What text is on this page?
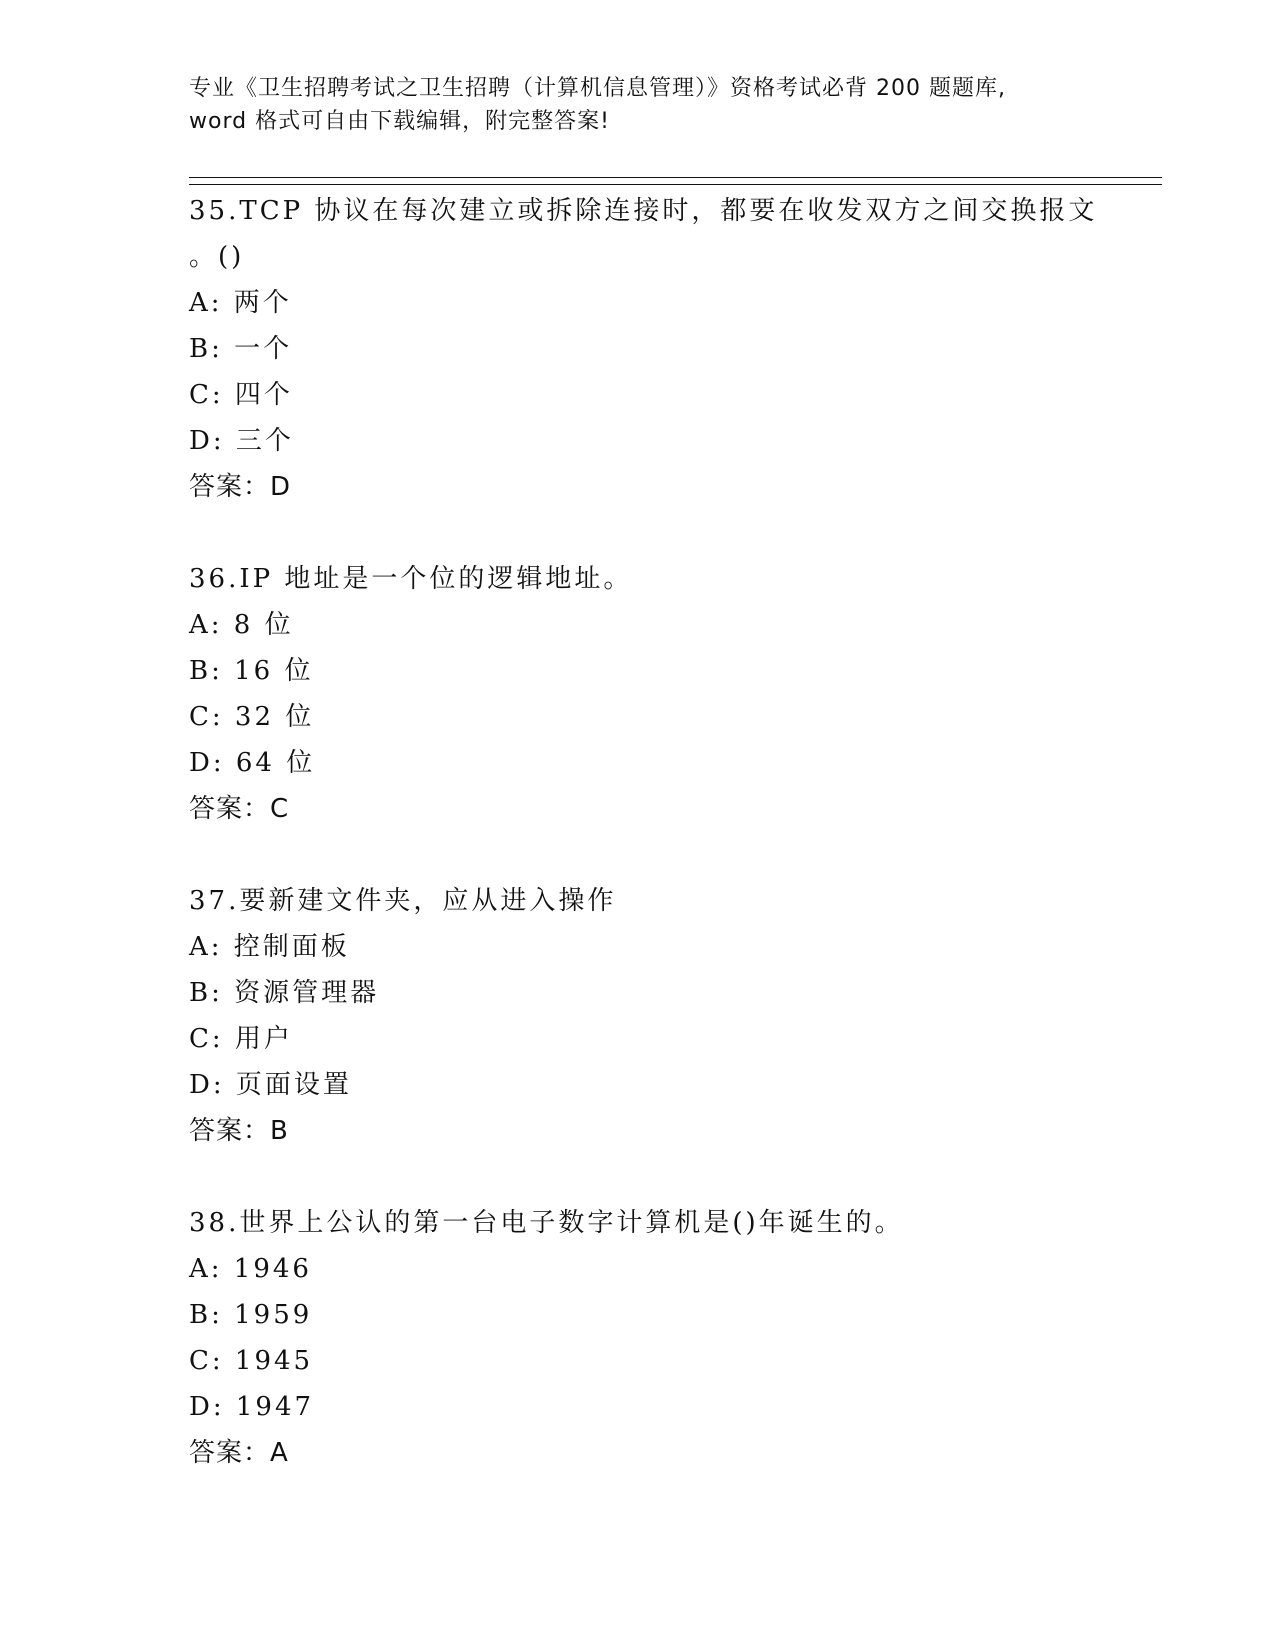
专业《卫生招聘考试之卫生招聘（计算机信息管理）》资格考试必背 200 题题库,
word 格式可自由下载编辑，附完整答案!
35.TCP 协议在每次建立或拆除连接时，都要在收发双方之间交换报文
。()
A: 两个
B: 一个
C: 四个
D: 三个
答案：D
36.IP 地址是一个位的逻辑地址。
A: 8 位
B: 16 位
C: 32 位
D: 64 位
答案：C
37.要新建文件夹，应从进入操作
A: 控制面板
B: 资源管理器
C: 用户
D: 页面设置
答案：B
38.世界上公认的第一台电子数字计算机是()年诞生的。
A: 1946
B: 1959
C: 1945
D: 1947
答案：A
